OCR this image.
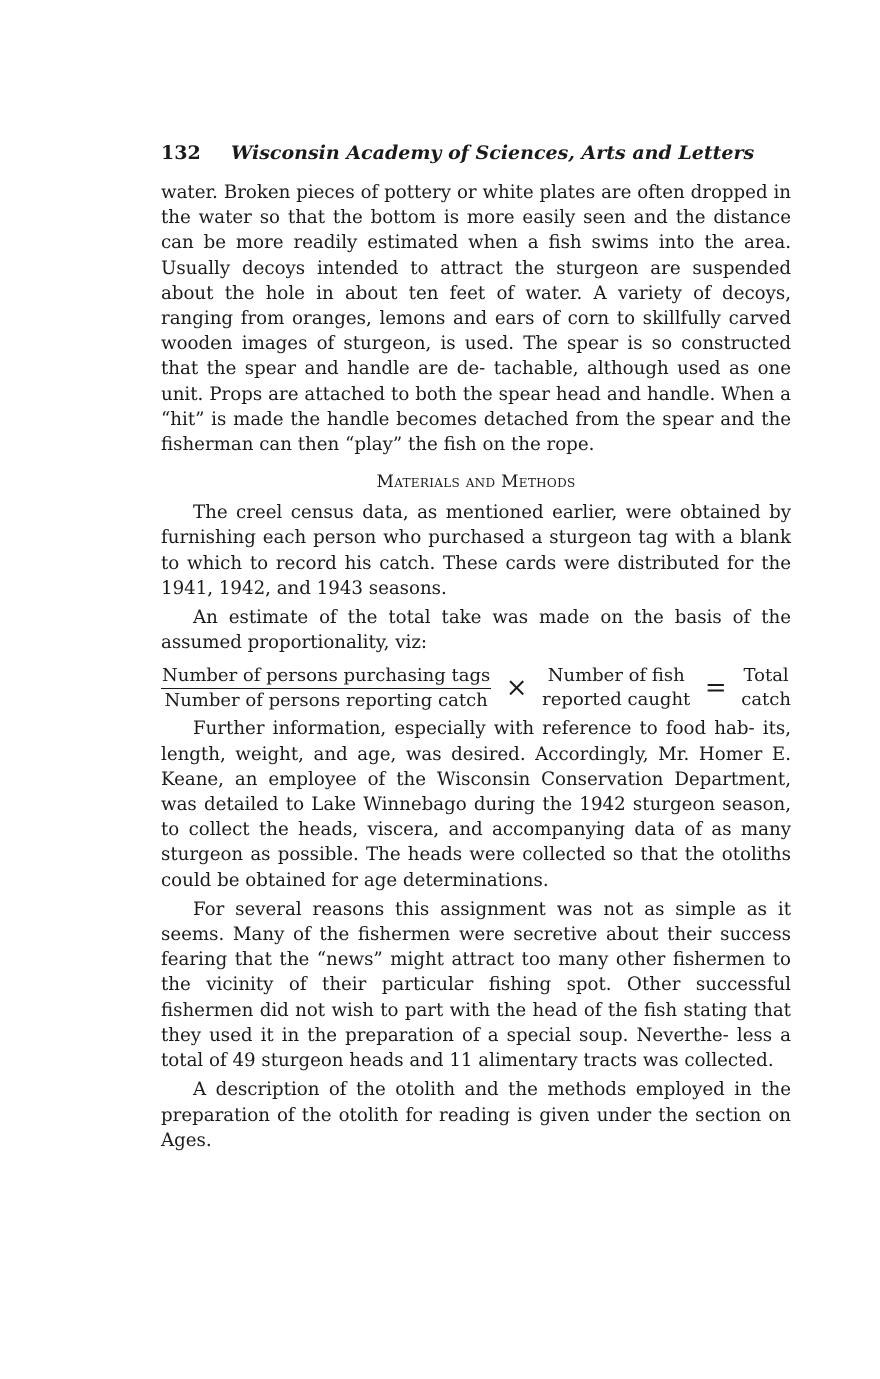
132	Wisconsin Academy of Sciences, Arts and Letters
water. Broken pieces of pottery or white plates are often dropped in the water so that the bottom is more easily seen and the distance can be more readily estimated when a fish swims into the area. Usually decoys intended to attract the sturgeon are suspended about the hole in about ten feet of water. A variety of decoys, ranging from oranges, lemons and ears of corn to skillfully carved wooden images of sturgeon, is used. The spear is so constructed that the spear and handle are de- tachable, although used as one unit. Props are attached to both the spear head and handle. When a “hit” is made the handle becomes detached from the spear and the fisherman can then “play” the fish on the rope.
Materials and Methods
The creel census data, as mentioned earlier, were obtained by furnishing each person who purchased a sturgeon tag with a blank to which to record his catch. These cards were distributed for the 1941, 1942, and 1943 seasons.
An estimate of the total take was made on the basis of the assumed proportionality, viz:
$\frac{\text{Number of persons purchasing tags}}{\text{Number of persons reporting catch}}$ × Number of fish
reported caught = Total
catch
Further information, especially with reference to food hab- its, length, weight, and age, was desired. Accordingly, Mr. Homer E. Keane, an employee of the Wisconsin Conservation Department, was detailed to Lake Winnebago during the 1942 sturgeon season, to collect the heads, viscera, and accompanying data of as many sturgeon as possible. The heads were collected so that the otoliths could be obtained for age determinations.
For several reasons this assignment was not as simple as it seems. Many of the fishermen were secretive about their success fearing that the “news” might attract too many other fishermen to the vicinity of their particular fishing spot. Other successful fishermen did not wish to part with the head of the fish stating that they used it in the preparation of a special soup. Neverthe- less a total of 49 sturgeon heads and 11 alimentary tracts was collected.
A description of the otolith and the methods employed in the preparation of the otolith for reading is given under the section on Ages.
